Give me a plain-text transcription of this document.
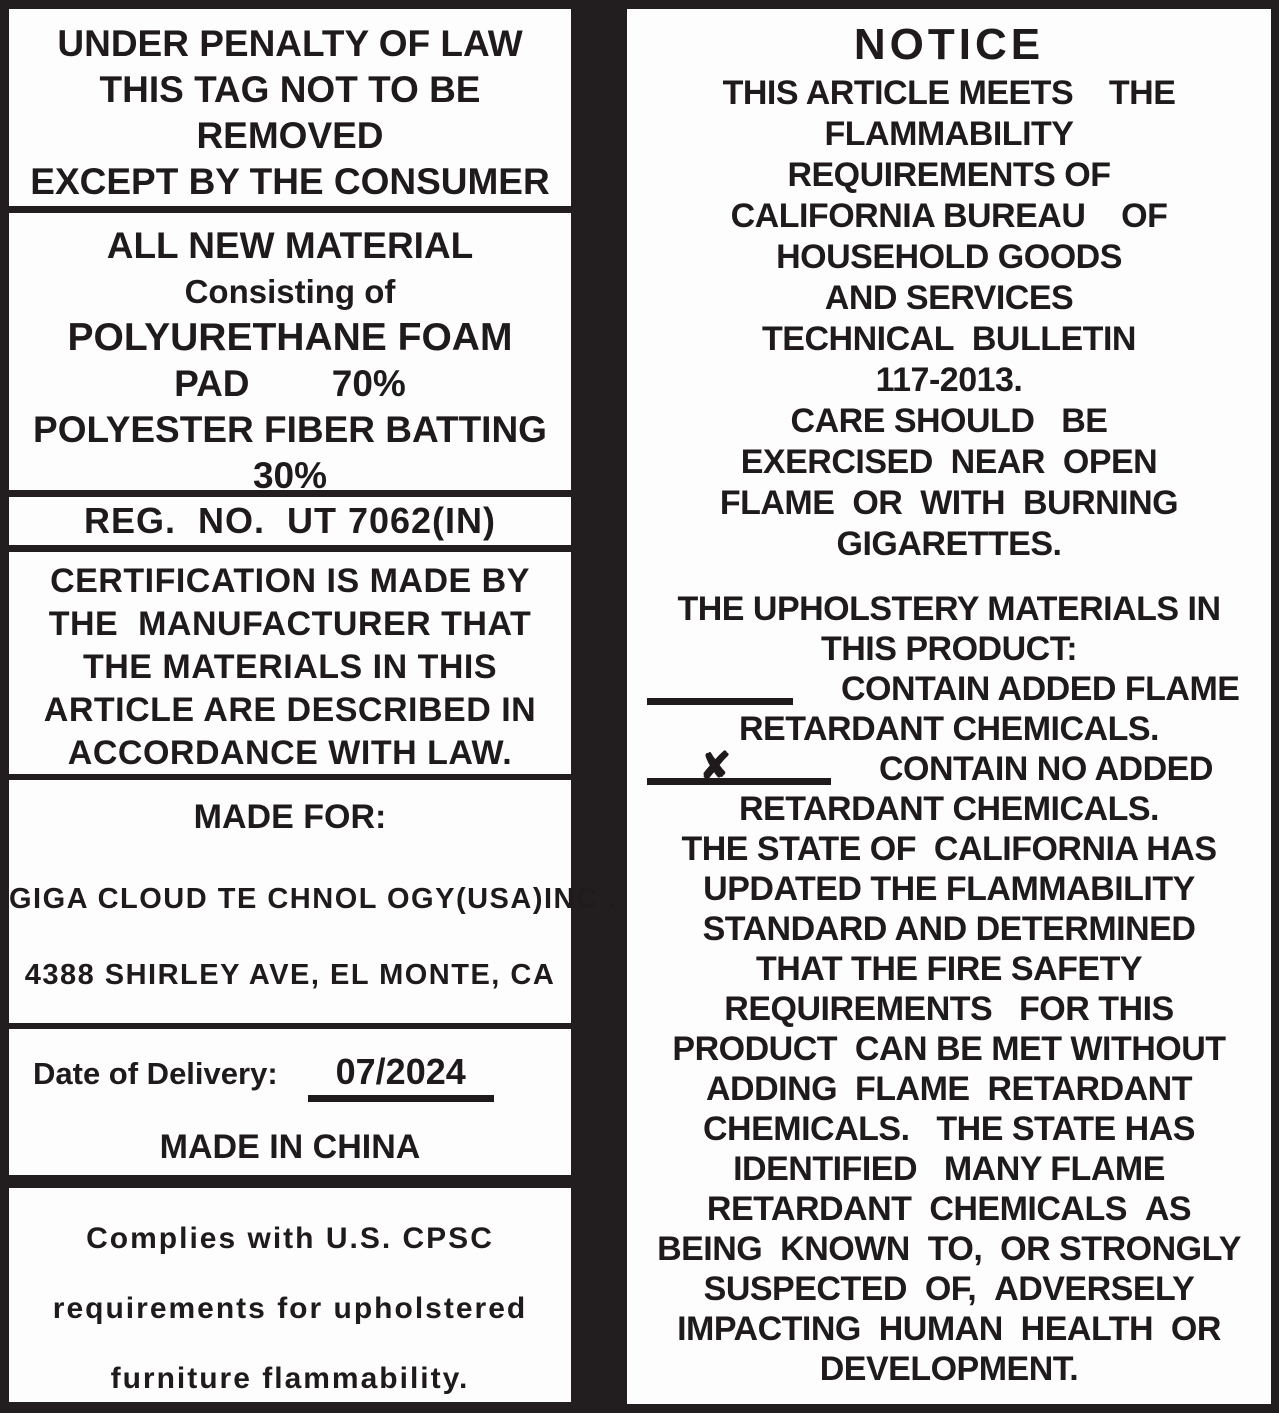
UNDER PENALTY OF LAW
THIS TAG NOT TO BE
REMOVED
EXCEPT BY THE CONSUMER
ALL NEW MATERIAL
Consisting of
POLYURETHANE FOAM
PAD        70%
POLYESTER FIBER BATTING
30%
REG.  NO.  UT 7062(IN)
CERTIFICATION IS MADE BY
THE  MANUFACTURER THAT
THE MATERIALS IN THIS
ARTICLE ARE DESCRIBED IN
ACCORDANCE WITH LAW.
MADE FOR:
GIGA CLOUD TE CHNOL OGY(USA)INC .
4388 SHIRLEY AVE, EL MONTE, CA
Date of Delivery:	07/2024
MADE IN CHINA
Complies with U.S. CPSC
requirements for upholstered
furniture flammability.
NOTICE
THIS ARTICLE MEETS    THE
FLAMMABILITY
REQUIREMENTS OF
CALIFORNIA BUREAU    OF
HOUSEHOLD GOODS
AND SERVICES
TECHNICAL  BULLETIN
117-2013.
CARE SHOULD   BE
EXERCISED  NEAR  OPEN
FLAME  OR  WITH  BURNING
GIGARETTES.
THE UPHOLSTERY MATERIALS IN
THIS PRODUCT:
CONTAIN ADDED FLAME
RETARDANT CHEMICALS.
✘	CONTAIN NO ADDED
RETARDANT CHEMICALS.
THE STATE OF  CALIFORNIA HAS
UPDATED THE FLAMMABILITY
STANDARD AND DETERMINED
THAT THE FIRE SAFETY
REQUIREMENTS   FOR THIS
PRODUCT  CAN BE MET WITHOUT
ADDING  FLAME  RETARDANT
CHEMICALS.   THE STATE HAS
IDENTIFIED   MANY FLAME
RETARDANT  CHEMICALS  AS
BEING  KNOWN  TO,  OR STRONGLY
SUSPECTED  OF,  ADVERSELY
IMPACTING  HUMAN  HEALTH  OR
DEVELOPMENT.
